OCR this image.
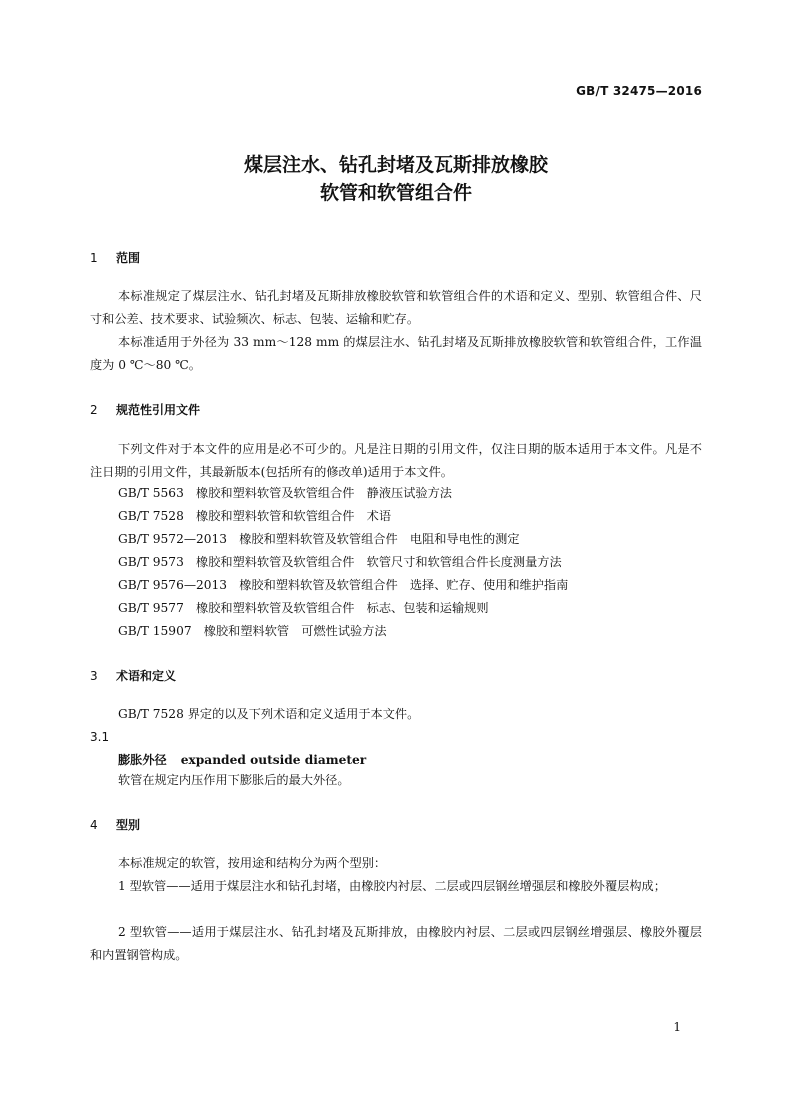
GB/T 32475—2016
煤层注水、钻孔封堵及瓦斯排放橡胶
软管和软管组合件
1 范围

本标准规定了煤层注水、钻孔封堵及瓦斯排放橡胶软管和软管组合件的术语和定义、型别、软管组合件、尺寸和公差、技术要求、试验频次、标志、包装、运输和贮存。

本标准适用于外径为 33 mm～128 mm 的煤层注水、钻孔封堵及瓦斯排放橡胶软管和软管组合件，工作温度为 0 ℃～80 ℃。

2 规范性引用文件

下列文件对于本文件的应用是必不可少的。凡是注日期的引用文件，仅注日期的版本适用于本文件。凡是不注日期的引用文件，其最新版本(包括所有的修改单)适用于本文件。

GB/T 5563　橡胶和塑料软管及软管组合件　静液压试验方法
GB/T 7528　橡胶和塑料软管和软管组合件　术语
GB/T 9572—2013　橡胶和塑料软管及软管组合件　电阻和导电性的测定
GB/T 9573　橡胶和塑料软管及软管组合件　软管尺寸和软管组合件长度测量方法
GB/T 9576—2013　橡胶和塑料软管及软管组合件　选择、贮存、使用和维护指南
GB/T 9577　橡胶和塑料软管及软管组合件　标志、包装和运输规则
GB/T 15907　橡胶和塑料软管　可燃性试验方法
3 术语和定义
GB/T 7528 界定的以及下列术语和定义适用于本文件。
3.1
膨胀外径 expanded outside diameter
软管在规定内压作用下膨胀后的最大外径。
4 型别
本标准规定的软管，按用途和结构分为两个型别：

1 型软管——适用于煤层注水和钻孔封堵，由橡胶内衬层、二层或四层钢丝增强层和橡胶外覆层构成；

2 型软管——适用于煤层注水、钻孔封堵及瓦斯排放，由橡胶内衬层、二层或四层钢丝增强层、橡胶外覆层和内置钢管构成。

1
